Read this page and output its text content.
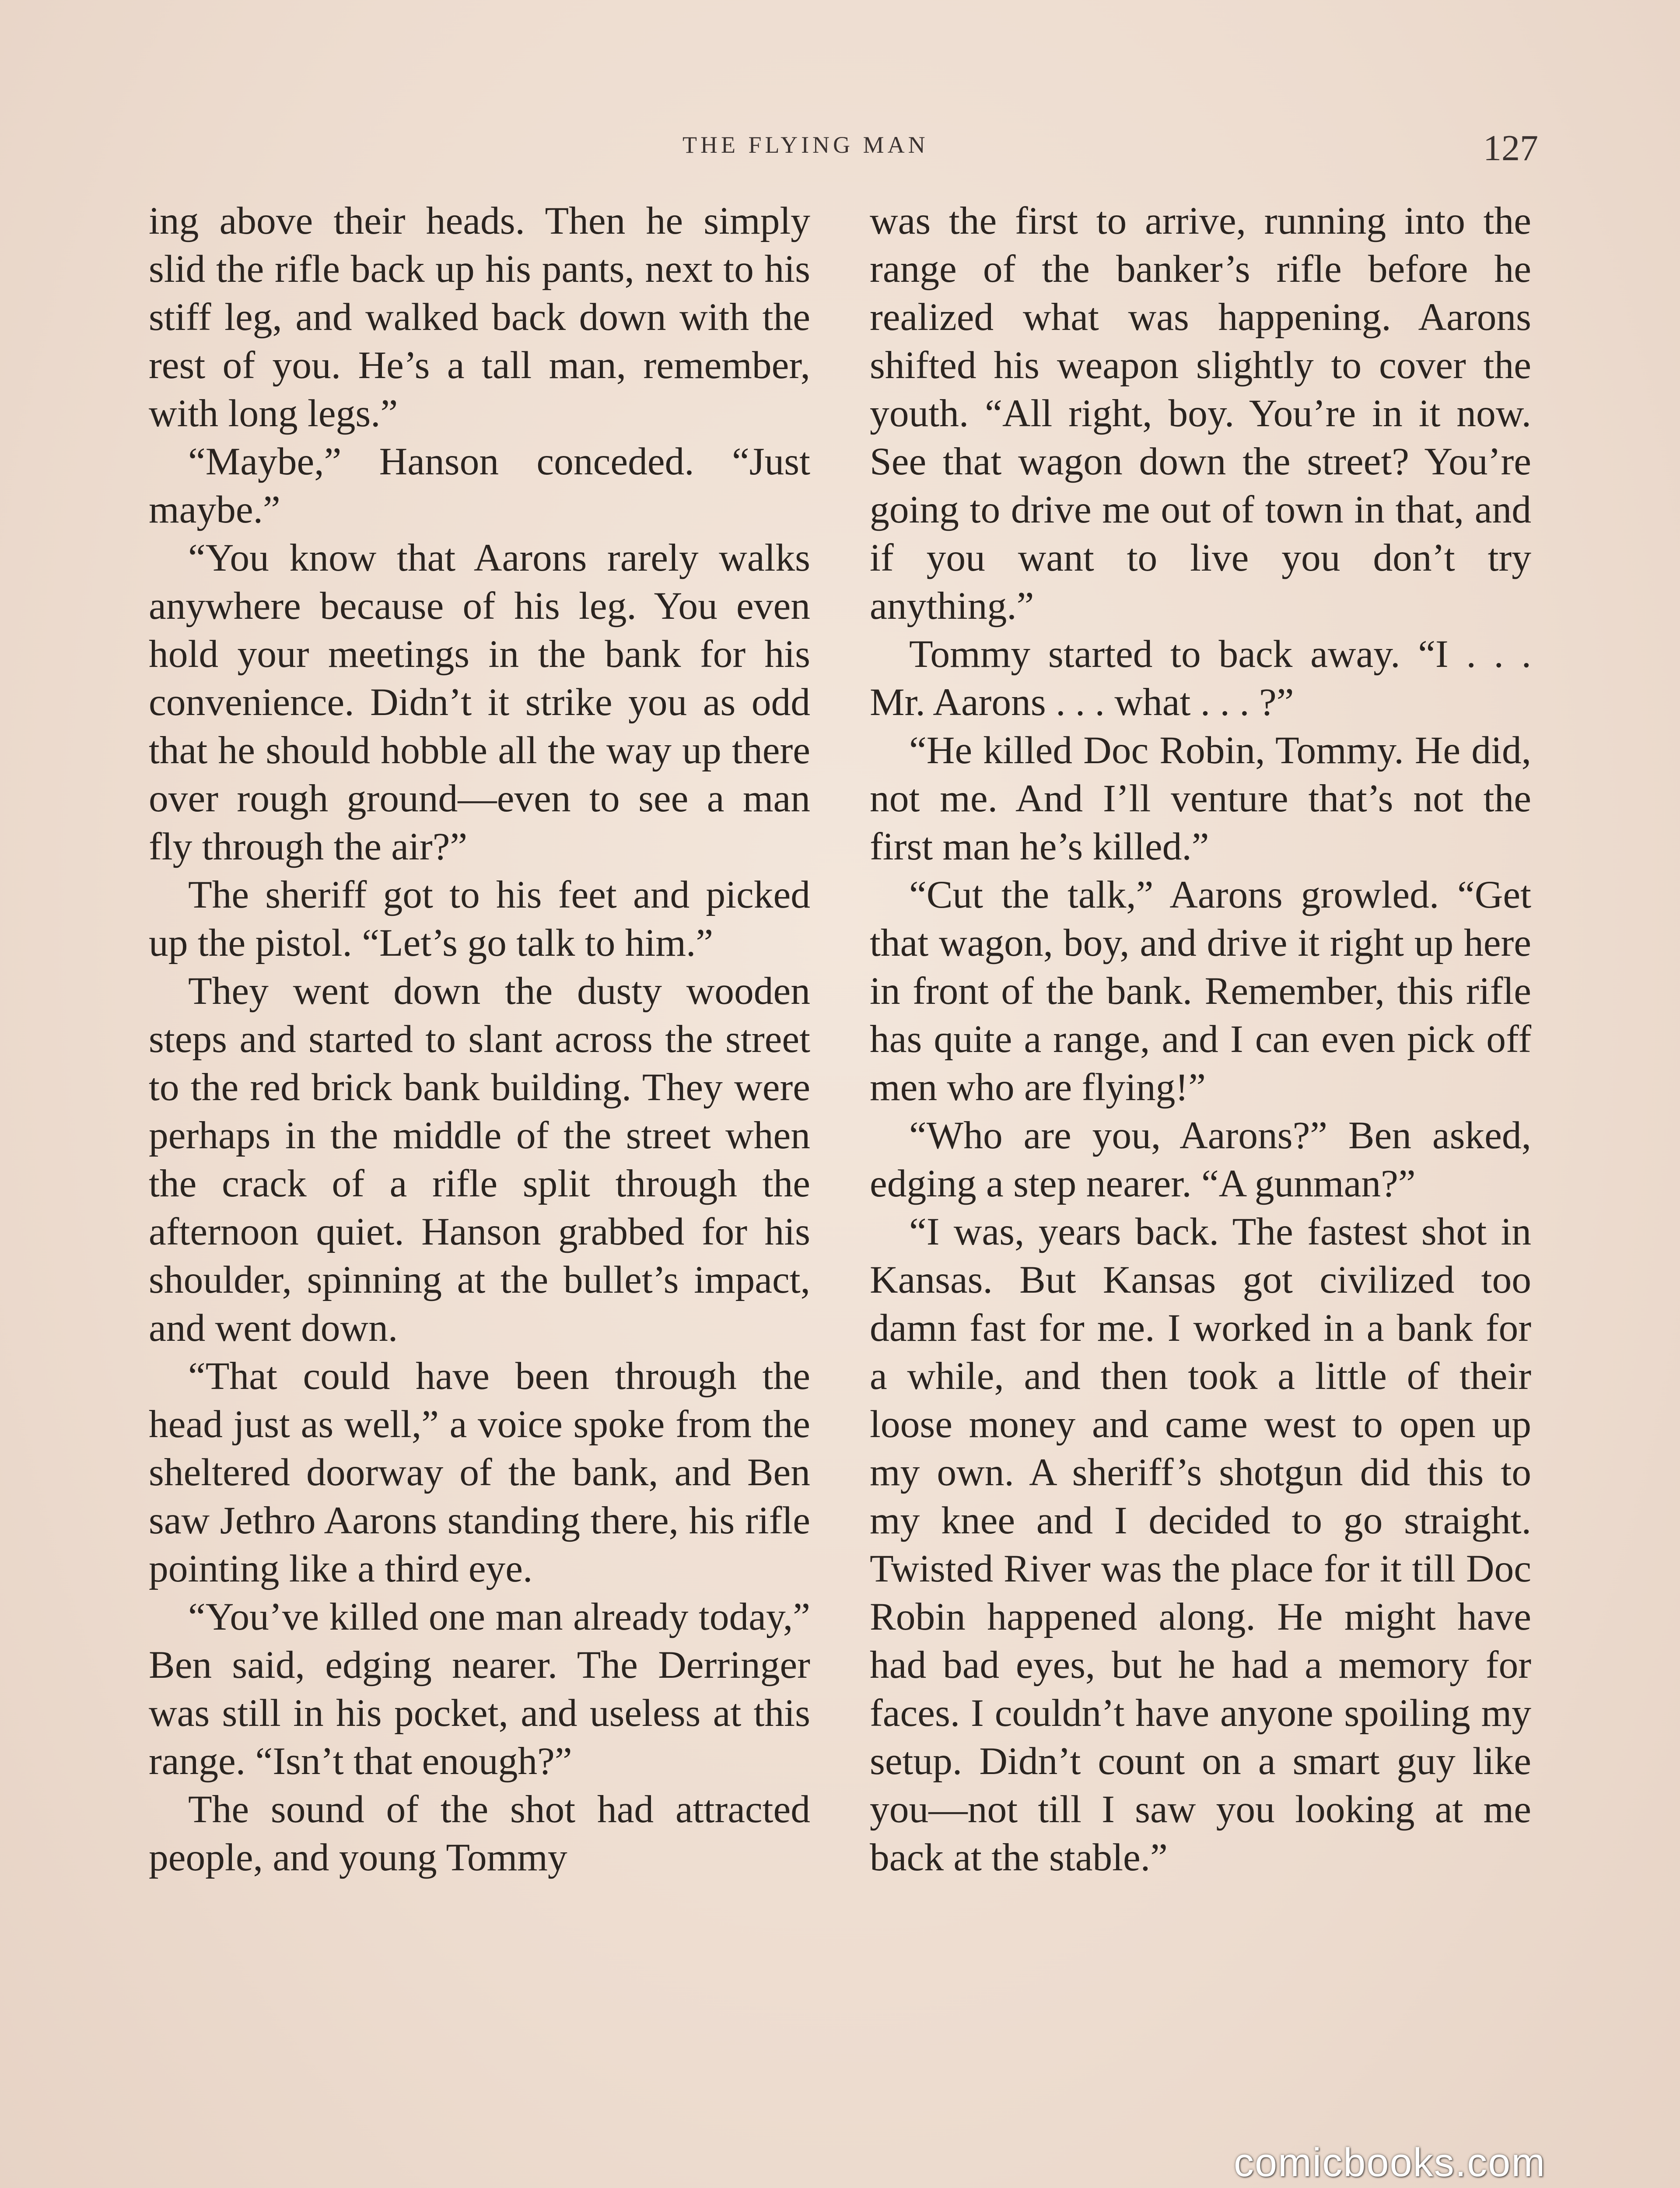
THE FLYING MAN	127

ing above their heads. Then he simply slid the rifle back up his pants, next to his stiff leg, and walked back down with the rest of you. He’s a tall man, remember, with long legs.”

“Maybe,” Hanson conceded. “Just maybe.”

“You know that Aarons rarely walks anywhere because of his leg. You even hold your meetings in the bank for his convenience. Didn’t it strike you as odd that he should hobble all the way up there over rough ground—even to see a man fly through the air?”

The sheriff got to his feet and picked up the pistol. “Let’s go talk to him.”

They went down the dusty wooden steps and started to slant across the street to the red brick bank building. They were perhaps in the middle of the street when the crack of a rifle split through the afternoon quiet. Hanson grabbed for his shoulder, spinning at the bullet’s impact, and went down.

“That could have been through the head just as well,” a voice spoke from the sheltered doorway of the bank, and Ben saw Jethro Aarons standing there, his rifle pointing like a third eye.

“You’ve killed one man already today,” Ben said, edging nearer. The Derringer was still in his pocket, and useless at this range. “Isn’t that enough?”

The sound of the shot had attracted people, and young Tommy

was the first to arrive, running into the range of the banker’s rifle before he realized what was happening. Aarons shifted his weapon slightly to cover the youth. “All right, boy. You’re in it now. See that wagon down the street? You’re going to drive me out of town in that, and if you want to live you don’t try anything.”

Tommy started to back away. “I . . . Mr. Aarons . . . what . . . ?”

“He killed Doc Robin, Tommy. He did, not me. And I’ll venture that’s not the first man he’s killed.”

“Cut the talk,” Aarons growled. “Get that wagon, boy, and drive it right up here in front of the bank. Remember, this rifle has quite a range, and I can even pick off men who are flying!”

“Who are you, Aarons?” Ben asked, edging a step nearer. “A gunman?”

“I was, years back. The fastest shot in Kansas. But Kansas got civilized too damn fast for me. I worked in a bank for a while, and then took a little of their loose money and came west to open up my own. A sheriff’s shotgun did this to my knee and I decided to go straight. Twisted River was the place for it till Doc Robin happened along. He might have had bad eyes, but he had a memory for faces. I couldn’t have anyone spoiling my setup. Didn’t count on a smart guy like you—not till I saw you looking at me back at the stable.”

comicbooks.com
